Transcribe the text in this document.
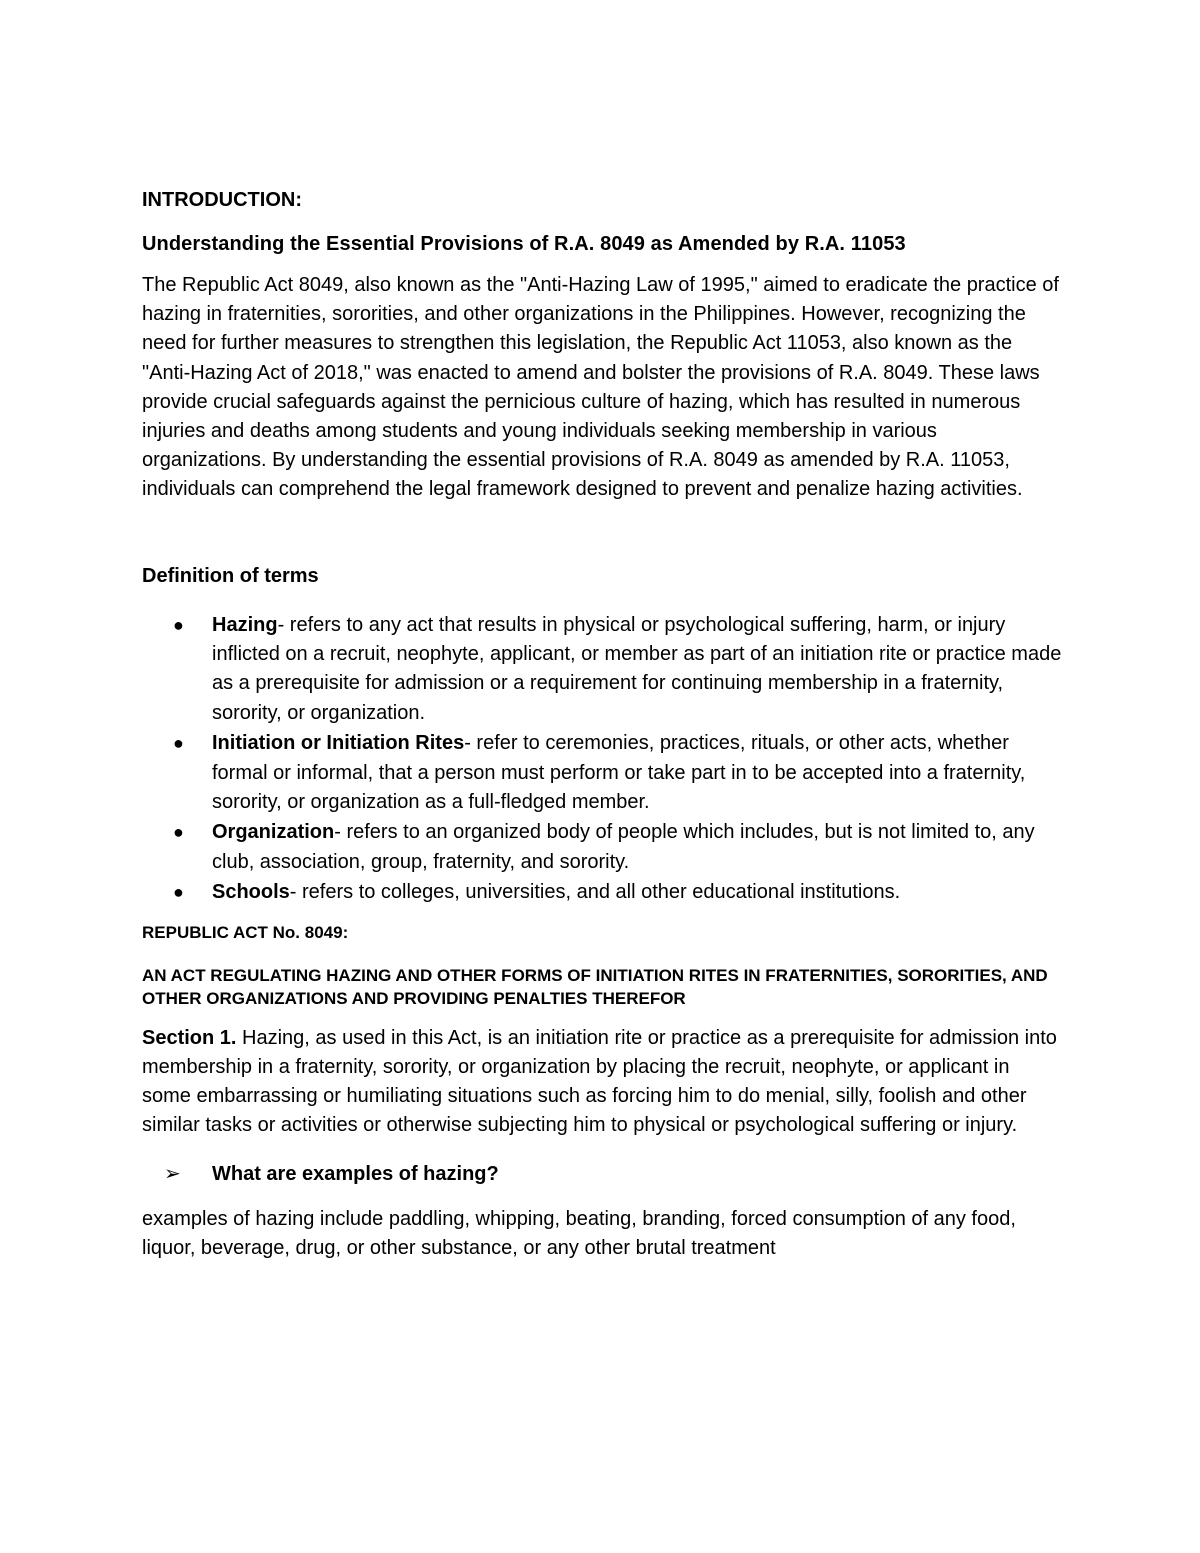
INTRODUCTION:
Understanding the Essential Provisions of R.A. 8049 as Amended by R.A. 11053

The Republic Act 8049, also known as the "Anti-Hazing Law of 1995," aimed to eradicate the practice of hazing in fraternities, sororities, and other organizations in the Philippines. However, recognizing the need for further measures to strengthen this legislation, the Republic Act 11053, also known as the "Anti-Hazing Act of 2018," was enacted to amend and bolster the provisions of R.A. 8049. These laws provide crucial safeguards against the pernicious culture of hazing, which has resulted in numerous injuries and deaths among students and young individuals seeking membership in various organizations. By understanding the essential provisions of R.A. 8049 as amended by R.A. 11053, individuals can comprehend the legal framework designed to prevent and penalize hazing activities.

Definition of terms
● Hazing- refers to any act that results in physical or psychological suffering, harm, or injury inflicted on a recruit, neophyte, applicant, or member as part of an initiation rite or practice made as a prerequisite for admission or a requirement for continuing membership in a fraternity, sorority, or organization.
● Initiation or Initiation Rites- refer to ceremonies, practices, rituals, or other acts, whether formal or informal, that a person must perform or take part in to be accepted into a fraternity, sorority, or organization as a full-fledged member.
● Organization- refers to an organized body of people which includes, but is not limited to, any club, association, group, fraternity, and sorority.
● Schools- refers to colleges, universities, and all other educational institutions.
REPUBLIC ACT No. 8049:
AN ACT REGULATING HAZING AND OTHER FORMS OF INITIATION RITES IN FRATERNITIES, SORORITIES, AND OTHER ORGANIZATIONS AND PROVIDING PENALTIES THEREFOR

Section 1. Hazing, as used in this Act, is an initiation rite or practice as a prerequisite for admission into membership in a fraternity, sorority, or organization by placing the recruit, neophyte, or applicant in some embarrassing or humiliating situations such as forcing him to do menial, silly, foolish and other similar tasks or activities or otherwise subjecting him to physical or psychological suffering or injury.

➢ What are examples of hazing?

examples of hazing include paddling, whipping, beating, branding, forced consumption of any food, liquor, beverage, drug, or other substance, or any other brutal treatment
